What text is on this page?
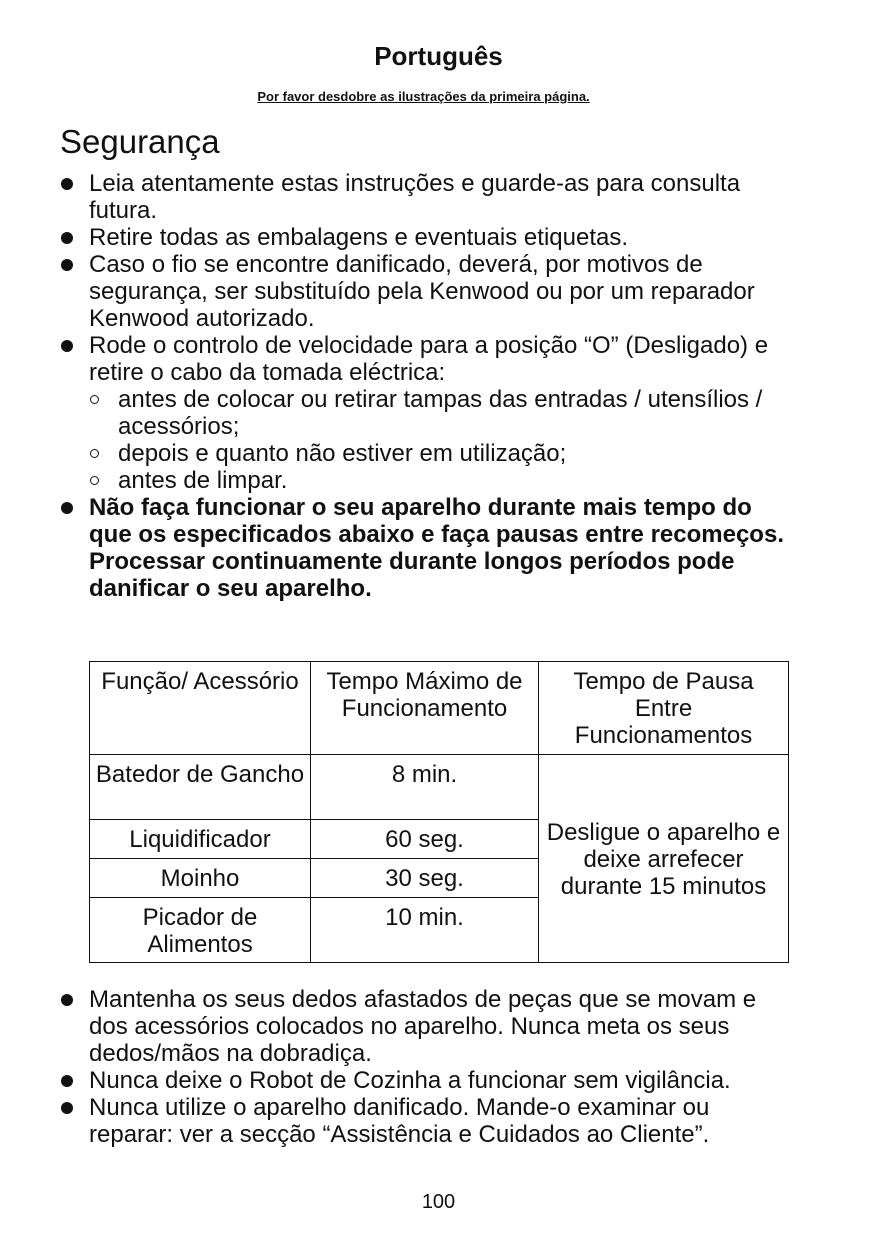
Português
Por favor desdobre as ilustrações da primeira página.
Segurança
Leia atentamente estas instruções e guarde-as para consulta futura.
Retire todas as embalagens e eventuais etiquetas.
Caso o fio se encontre danificado, deverá, por motivos de segurança, ser substituído pela Kenwood ou por um reparador Kenwood autorizado.
Rode o controlo de velocidade para a posição “O” (Desligado) e retire o cabo da tomada eléctrica:
antes de colocar ou retirar tampas das entradas / utensílios / acessórios;
depois e quanto não estiver em utilização;
antes de limpar.
Não faça funcionar o seu aparelho durante mais tempo do que os especificados abaixo e faça pausas entre recomeços. Processar continuamente durante longos períodos pode danificar o seu aparelho.
Função/ Acessório	Tempo Máximo de Funcionamento	Tempo de Pausa Entre Funcionamentos
Batedor de Gancho	8 min.	Desligue o aparelho e deixe arrefecer durante 15 minutos
Liquidificador	60 seg.	
Moinho	30 seg.	
Picador de Alimentos	10 min.	
Mantenha os seus dedos afastados de peças que se movam e dos acessórios colocados no aparelho. Nunca meta os seus dedos/mãos na dobradiça.
Nunca deixe o Robot de Cozinha a funcionar sem vigilância.
Nunca utilize o aparelho danificado. Mande-o examinar ou reparar: ver a secção “Assistência e Cuidados ao Cliente”.
100
